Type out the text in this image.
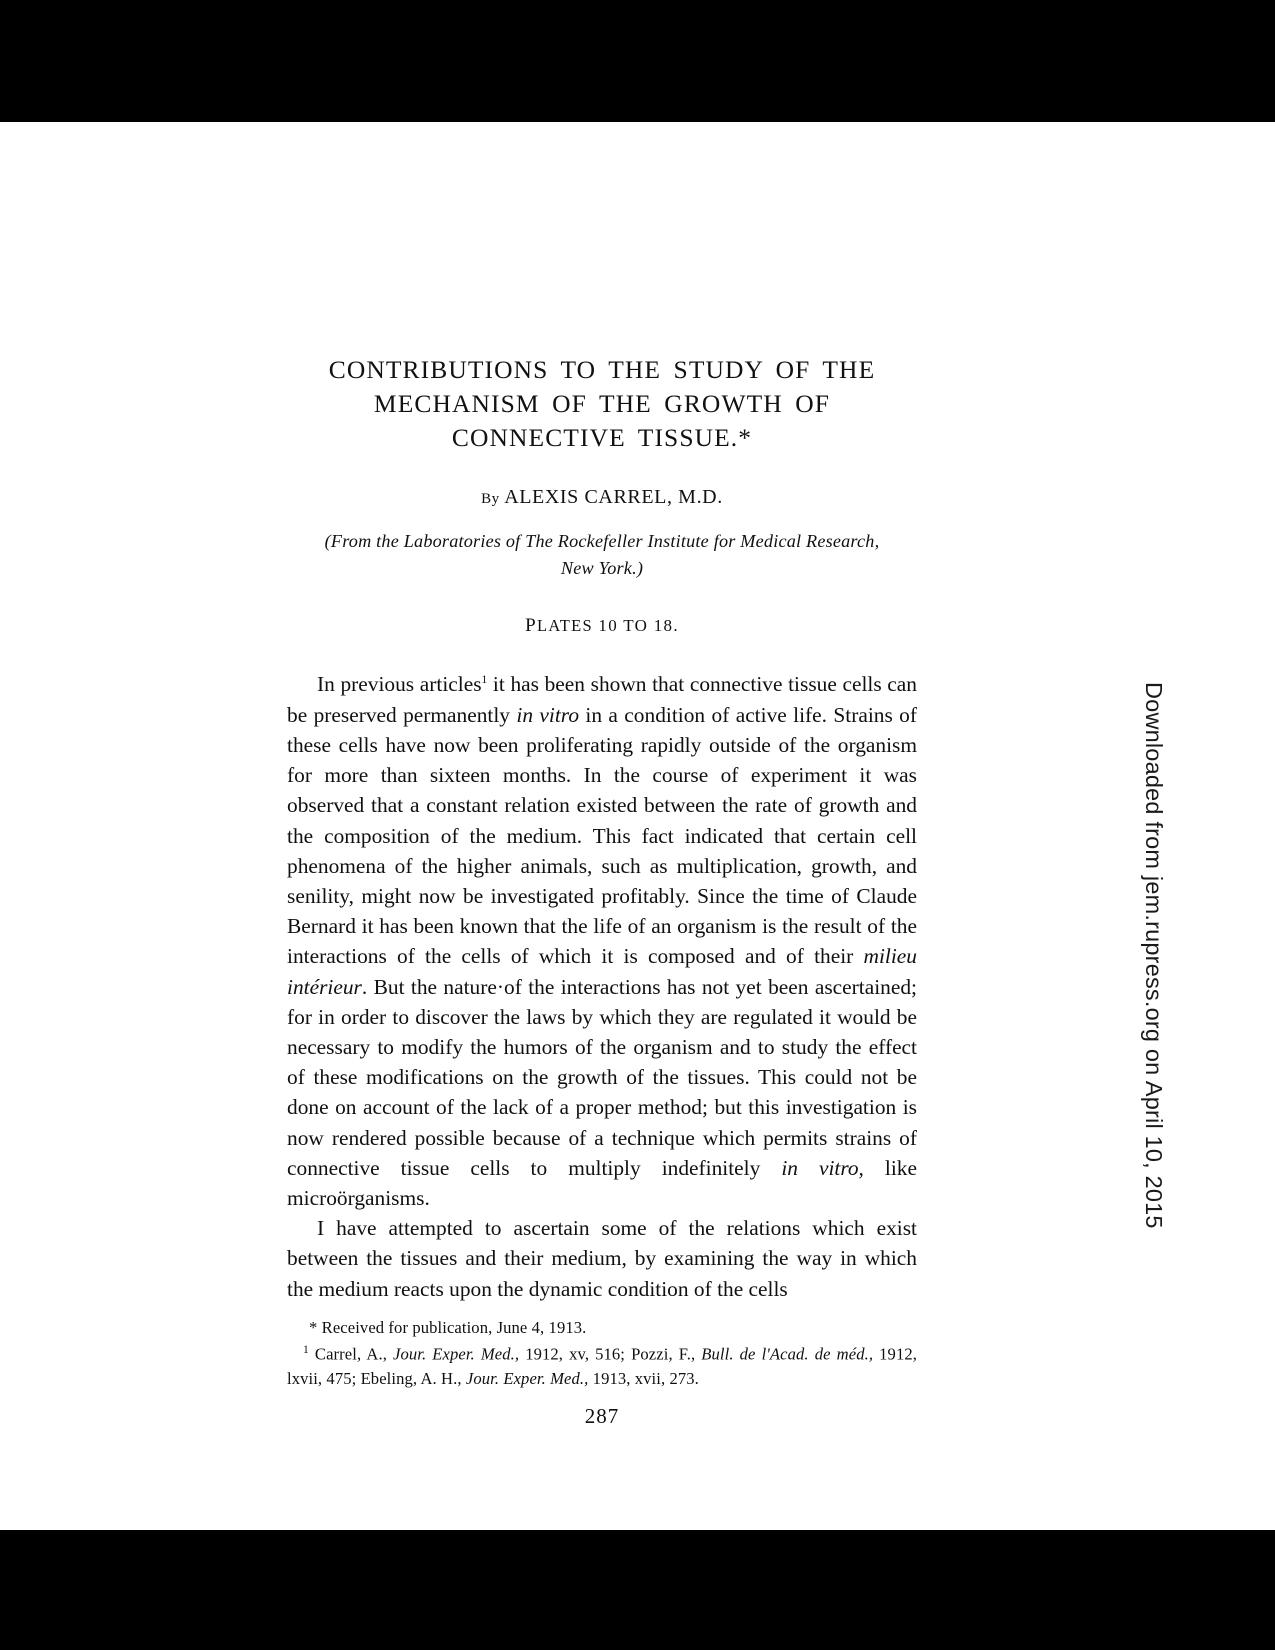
CONTRIBUTIONS TO THE STUDY OF THE
MECHANISM OF THE GROWTH OF
CONNECTIVE TISSUE.*
By ALEXIS CARREL, M.D.
(From the Laboratories of The Rockefeller Institute for Medical Research,
New York.)
PLATES 10 TO 18.

In previous articles$^1$ it has been shown that connective tissue cells can be preserved permanently in vitro in a condition of active life. Strains of these cells have now been proliferating rapidly outside of the organism for more than sixteen months. In the course of experiment it was observed that a constant relation existed between the rate of growth and the composition of the medium. This fact indicated that certain cell phenomena of the higher animals, such as multiplication, growth, and senility, might now be investigated profitably. Since the time of Claude Bernard it has been known that the life of an organism is the result of the interactions of the cells of which it is composed and of their milieu intérieur. But the nature·of the interactions has not yet been ascertained; for in order to discover the laws by which they are regulated it would be necessary to modify the humors of the organism and to study the effect of these modifications on the growth of the tissues. This could not be done on account of the lack of a proper method; but this investigation is now rendered possible because of a technique which permits strains of connective tissue cells to multiply indefinitely in vitro, like microörganisms.

I have attempted to ascertain some of the relations which exist between the tissues and their medium, by examining the way in which the medium reacts upon the dynamic condition of the cells

* Received for publication, June 4, 1913.

$^1$ Carrel, A., Jour. Exper. Med., 1912, xv, 516; Pozzi, F., Bull. de l'Acad. de méd., 1912, lxvii, 475; Ebeling, A. H., Jour. Exper. Med., 1913, xvii, 273.

287
Downloaded from jem.rupress.org on April 10, 2015
